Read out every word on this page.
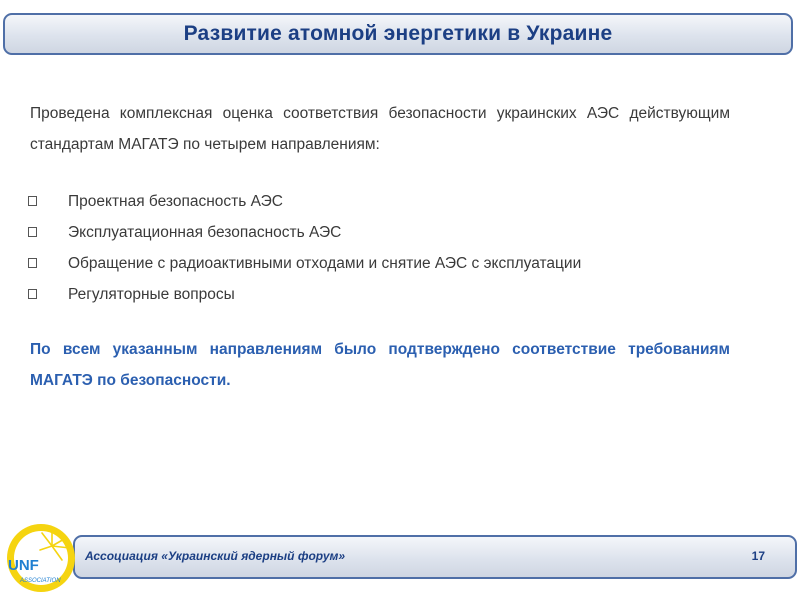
Развитие атомной энергетики в Украине

Проведена комплексная оценка соответствия безопасности украинских АЭС действующим стандартам МАГАТЭ по четырем направлениям:

Проектная безопасность АЭС
Эксплуатационная безопасность АЭС
Обращение с радиоактивными отходами и снятие АЭС с эксплуатации
Регуляторные вопросы

По всем указанным направлениям было подтверждено соответствие требованиям МАГАТЭ по безопасности.

Ассоциация «Украинский ядерный форум»	17
UNF
ASSOCIATION
